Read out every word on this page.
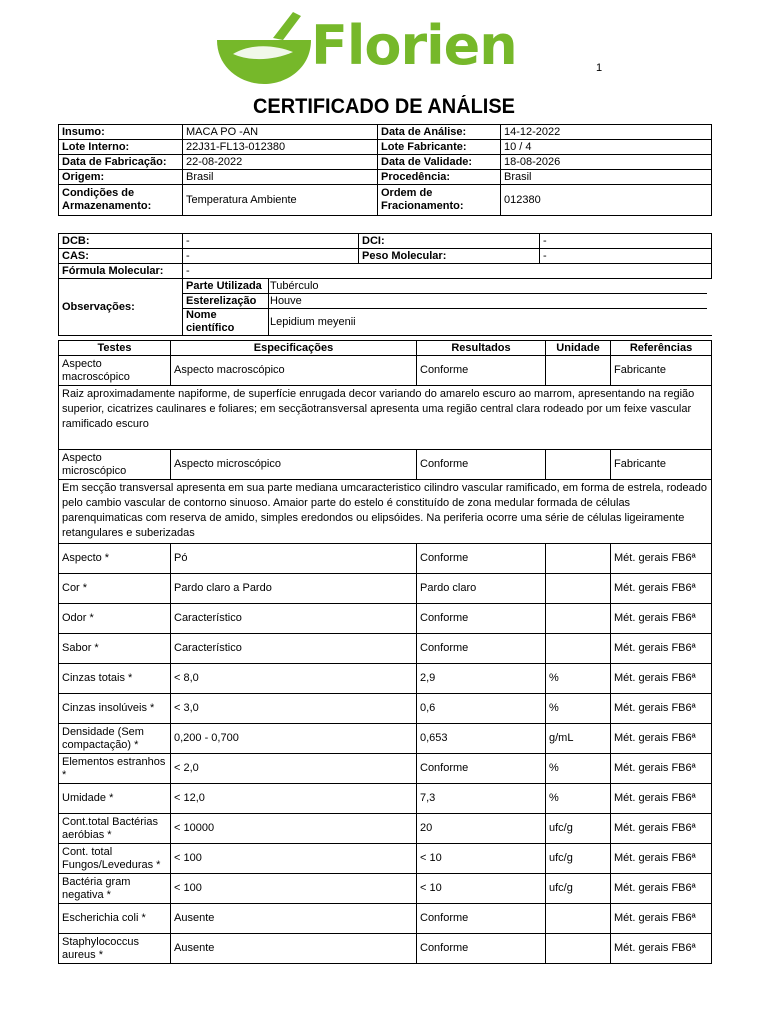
Florien	1
CERTIFICADO DE ANÁLISE
Insumo:	MACA PO -AN	Data de Análise:	14-12-2022
Lote Interno:	22J31-FL13-012380	Lote Fabricante:	10 / 4
Data de Fabricação:	22-08-2022	Data de Validade:	18-08-2026
Origem:	Brasil	Procedência:	Brasil
Condições de Armazenamento:	Temperatura Ambiente	Ordem de Fracionamento:	012380
DCB:	-	DCI:	-
CAS:	-	Peso Molecular:	-
Fórmula Molecular:	-
Observações:	
Parte Utilizada	Tubérculo
Esterelização	Houve
Nome científico	Lepidium meyenii
Testes	Especificações	Resultados	Unidade	Referências
Aspecto macroscópico	Aspecto macroscópico	Conforme		Fabricante
Raiz aproximadamente napiforme, de superfície enrugada decor variando do amarelo escuro ao marrom, apresentando na região superior, cicatrizes caulinares e foliares; em secçãotransversal apresenta uma região central clara rodeado por um feixe vascular ramificado escuro				
Aspecto microscópico	Aspecto microscópico	Conforme		Fabricante
Em secção transversal apresenta em sua parte mediana umcaracteristico cilindro vascular ramificado, em forma de estrela, rodeado pelo cambio vascular de contorno sinuoso. Amaior parte do estelo é constituído de zona medular formada de células parenquimaticas com reserva de amido, simples eredondos ou elipsóides. Na periferia ocorre uma série de células ligeiramente retangulares e suberizadas				
Aspecto *	Pó	Conforme		Mét. gerais FB6ª
Cor *	Pardo claro a Pardo	Pardo claro		Mét. gerais FB6ª
Odor *	Característico	Conforme		Mét. gerais FB6ª
Sabor *	Característico	Conforme		Mét. gerais FB6ª
Cinzas totais *	< 8,0	2,9	%	Mét. gerais FB6ª
Cinzas insolúveis *	< 3,0	0,6	%	Mét. gerais FB6ª
Densidade (Sem compactação) *	0,200 - 0,700	0,653	g/mL	Mét. gerais FB6ª
Elementos estranhos *	< 2,0	Conforme	%	Mét. gerais FB6ª
Umidade *	< 12,0	7,3	%	Mét. gerais FB6ª
Cont.total Bactérias aeróbias *	< 10000	20	ufc/g	Mét. gerais FB6ª
Cont. total Fungos/Leveduras *	< 100	< 10	ufc/g	Mét. gerais FB6ª
Bactéria gram negativa *	< 100	< 10	ufc/g	Mét. gerais FB6ª
Escherichia coli *	Ausente	Conforme		Mét. gerais FB6ª
Staphylococcus aureus *	Ausente	Conforme		Mét. gerais FB6ª
